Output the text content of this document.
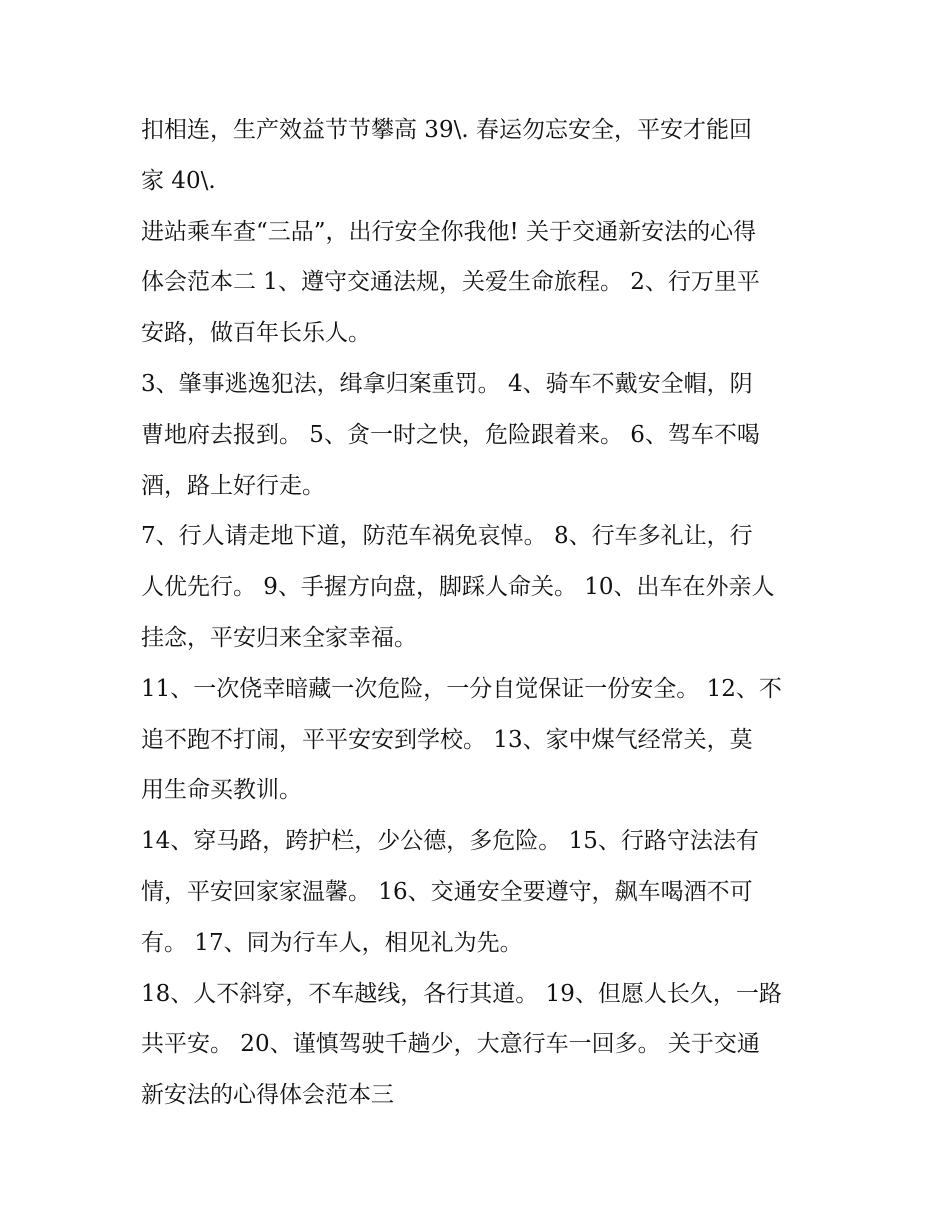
扣相连，生产效益节节攀高 39\. 春运勿忘安全，平安才能回
家 40\.
进站乘车查“三品”，出行安全你我他! 关于交通新安法的心得
体会范本二 1、遵守交通法规，关爱生命旅程。 2、行万里平
安路，做百年长乐人。
3、肇事逃逸犯法，缉拿归案重罚。 4、骑车不戴安全帽，阴
曹地府去报到。 5、贪一时之快，危险跟着来。 6、驾车不喝
酒，路上好行走。
7、行人请走地下道，防范车祸免哀悼。 8、行车多礼让，行
人优先行。 9、手握方向盘，脚踩人命关。 10、出车在外亲人
挂念，平安归来全家幸福。
11、一次侥幸暗藏一次危险，一分自觉保证一份安全。 12、不
追不跑不打闹，平平安安到学校。 13、家中煤气经常关，莫
用生命买教训。
14、穿马路，跨护栏，少公德，多危险。 15、行路守法法有
情，平安回家家温馨。 16、交通安全要遵守，飙车喝酒不可
有。 17、同为行车人，相见礼为先。
18、人不斜穿，不车越线，各行其道。 19、但愿人长久，一路
共平安。 20、谨慎驾驶千趟少，大意行车一回多。 关于交通
新安法的心得体会范本三
